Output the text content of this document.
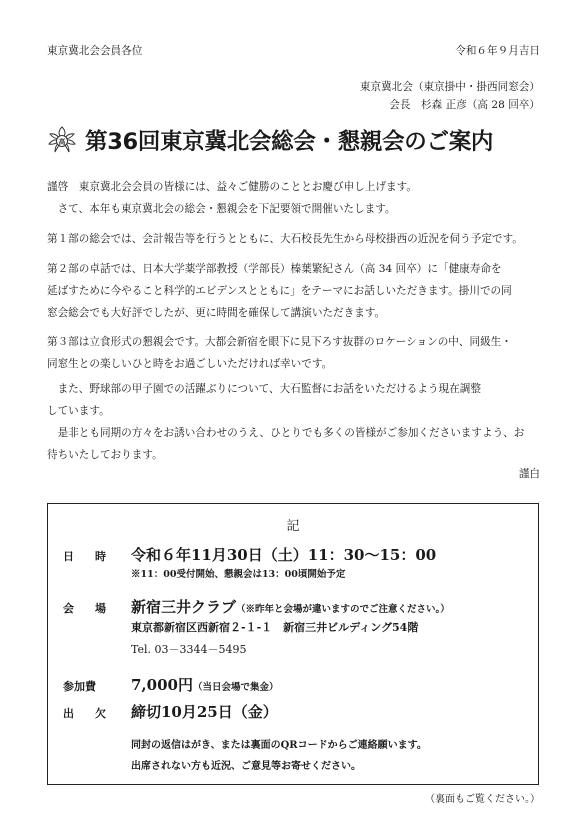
東京冀北会会員各位	令和６年９月吉日
東京冀北会（東京掛中・掛西同窓会）
会長　杉森 正彦（高 28 回卒）
高 第36回東京冀北会総会・懇親会のご案内
謹啓　東京冀北会会員の皆様には、益々ご健勝のこととお慶び申し上げます。
　さて、本年も東京冀北会の総会・懇親会を下記要領で開催いたします。
第１部の総会では、会計報告等を行うとともに、大石校長先生から母校掛西の近況を伺う予定です。
第２部の卓話では、日本大学薬学部教授（学部長）榛葉繁紀さん（高 34 回卒）に「健康寿命を
延ばすために今やること科学的エビデンスとともに」をテーマにお話しいただきます。掛川での同
窓会総会でも大好評でしたが、更に時間を確保して講演いただきます。
第３部は立食形式の懇親会です。大都会新宿を眼下に見下ろす抜群のロケーションの中、同級生・
同窓生との楽しいひと時をお過ごしいただければ幸いです。
　また、野球部の甲子園での活躍ぶりについて、大石監督にお話をいただけるよう現在調整
しています。
　是非とも同期の方々をお誘い合わせのうえ、ひとりでも多くの皆様がご参加くださいますよう、お
待ちいたしております。
謹白
記
日　時 令和６年11月30日（土）11：30～15：00
※11：00受付開始、懇親会は13：00頃開始予定
会　場 新宿三井クラブ（※昨年と会場が違いますのでご注意ください。）
東京都新宿区西新宿２-１-１　新宿三井ビルディング54階
Tel. 03－3344－5495
参加費 7,000円（当日会場で集金）
出　欠 締切10月25日（金）
同封の返信はがき、または裏面のQRコードからご連絡願います。
出席されない方も近況、ご意見等お寄せください。
（裏面もご覧ください。）
